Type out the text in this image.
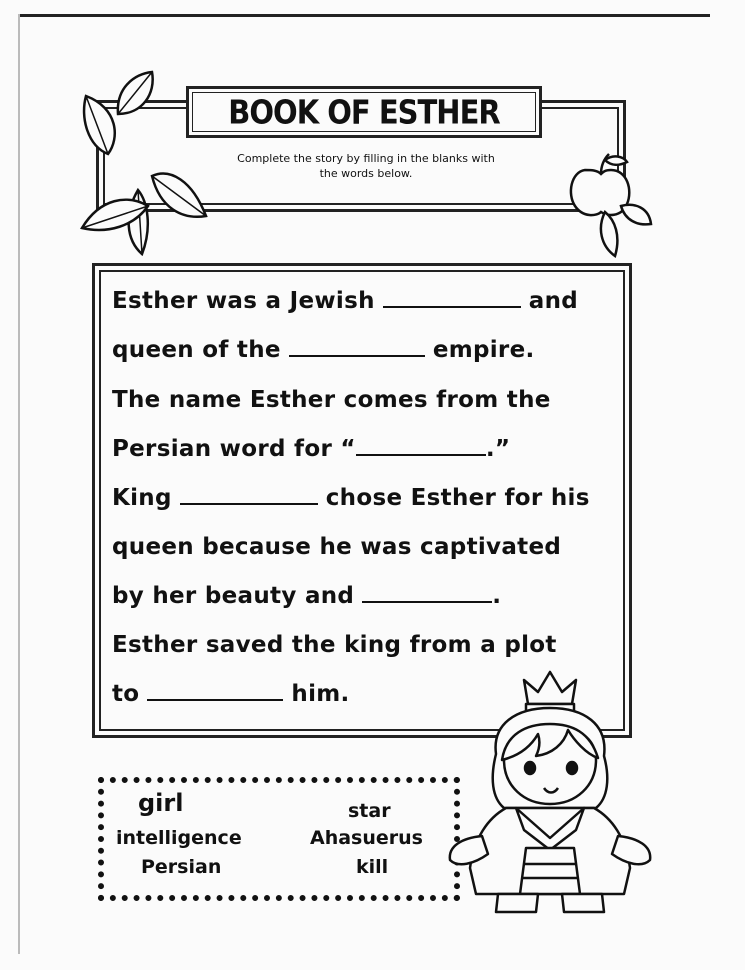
BOOK OF ESTHER
Complete the story by filling in the blanks with
the words below.
Esther was a Jewish	and
queen of the	empire.
The name Esther comes from the
Persian word for “	.”
King	chose Esther for his
queen because he was captivated
by her beauty and	.
Esther saved the king from a plot
to	him.
girl	star
intelligence	Ahasuerus
Persian	kill
